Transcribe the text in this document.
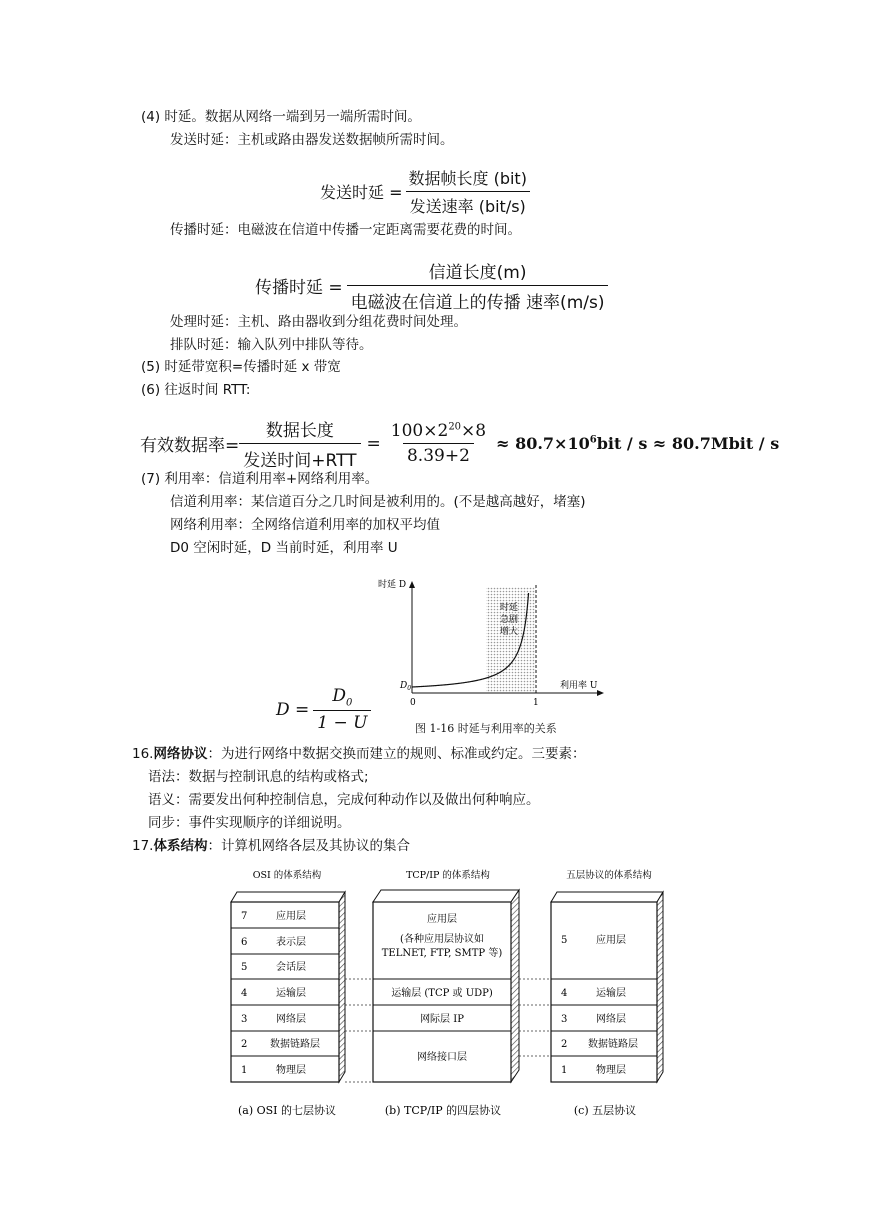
(4) 时延。数据从网络一端到另一端所需时间。
发送时延：主机或路由器发送数据帧所需时间。
发送时延 =
数据帧长度 (bit)
发送速率 (bit/s)
传播时延：电磁波在信道中传播一定距离需要花费的时间。
传播时延 =
信道长度(m)
电磁波在信道上的传播 速率(m/s)
处理时延：主机、路由器收到分组花费时间处理。
排队时延：输入队列中排队等待。
(5) 时延带宽积=传播时延 x 带宽
(6) 往返时间 RTT:
有效数据率=
数据长度
发送时间+RTT
= $\frac{100\times 2^{20}\times 8}{8.39+2} \approx 80.7\times 10^6bit / s$ ≈ 80.7Mbit / s
(7) 利用率：信道利用率+网络利用率。
信道利用率：某信道百分之几时间是被利用的。(不是越高越好，堵塞)
网络利用率：全网络信道利用率的加权平均值
D0 空闲时延，D 当前时延，利用率 U
$D = \frac{D_0}{1 - U}$
时延 D
利用率 U
0	1
$D_0$
时延
急剧
增大
图 1-16 时延与利用率的关系
16.网络协议：为进行网络中数据交换而建立的规则、标准或约定。三要素：
语法：数据与控制讯息的结构或格式;
语义：需要发出何种控制信息，完成何种动作以及做出何种响应。
同步：事件实现顺序的详细说明。
17.体系结构：计算机网络各层及其协议的集合
OSI 的体系结构	TCP/IP 的体系结构	五层协议的体系结构
7	应用层
6	表示层
5	会话层
4	运输层
3	网络层
2 数据链路层
1	物理层
应用层
(各种应用层协议如
TELNET, FTP, SMTP 等)
运输层 (TCP 或 UDP)
网际层 IP
网络接口层
5	应用层
4	运输层
3	网络层
2 数据链路层
1	物理层
(a) OSI 的七层协议	(b) TCP/IP 的四层协议	(c) 五层协议
